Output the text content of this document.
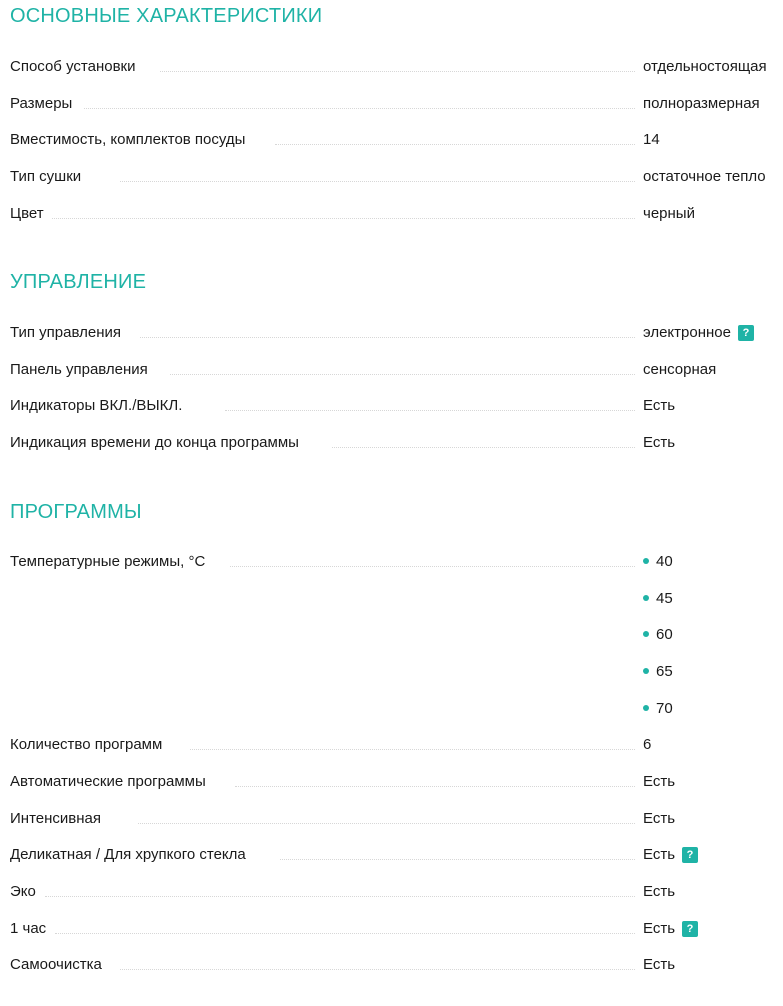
ОСНОВНЫЕ ХАРАКТЕРИСТИКИ
Способ установки	отдельностоящая
Размеры	полноразмерная
Вместимость, комплектов посуды	14
Тип сушки	остаточное тепло
Цвет	черный
УПРАВЛЕНИЕ
Тип управления	электронное ?
Панель управления	сенсорная
Индикаторы ВКЛ./ВЫКЛ.	Есть
Индикация времени до конца программы	Есть
ПРОГРАММЫ
Температурные режимы, °C	40
45
60
65
70
Количество программ	6
Автоматические программы	Есть
Интенсивная	Есть
Деликатная / Для хрупкого стекла	Есть ?
Эко	Есть
1 час	Есть ?
Самоочистка	Есть
